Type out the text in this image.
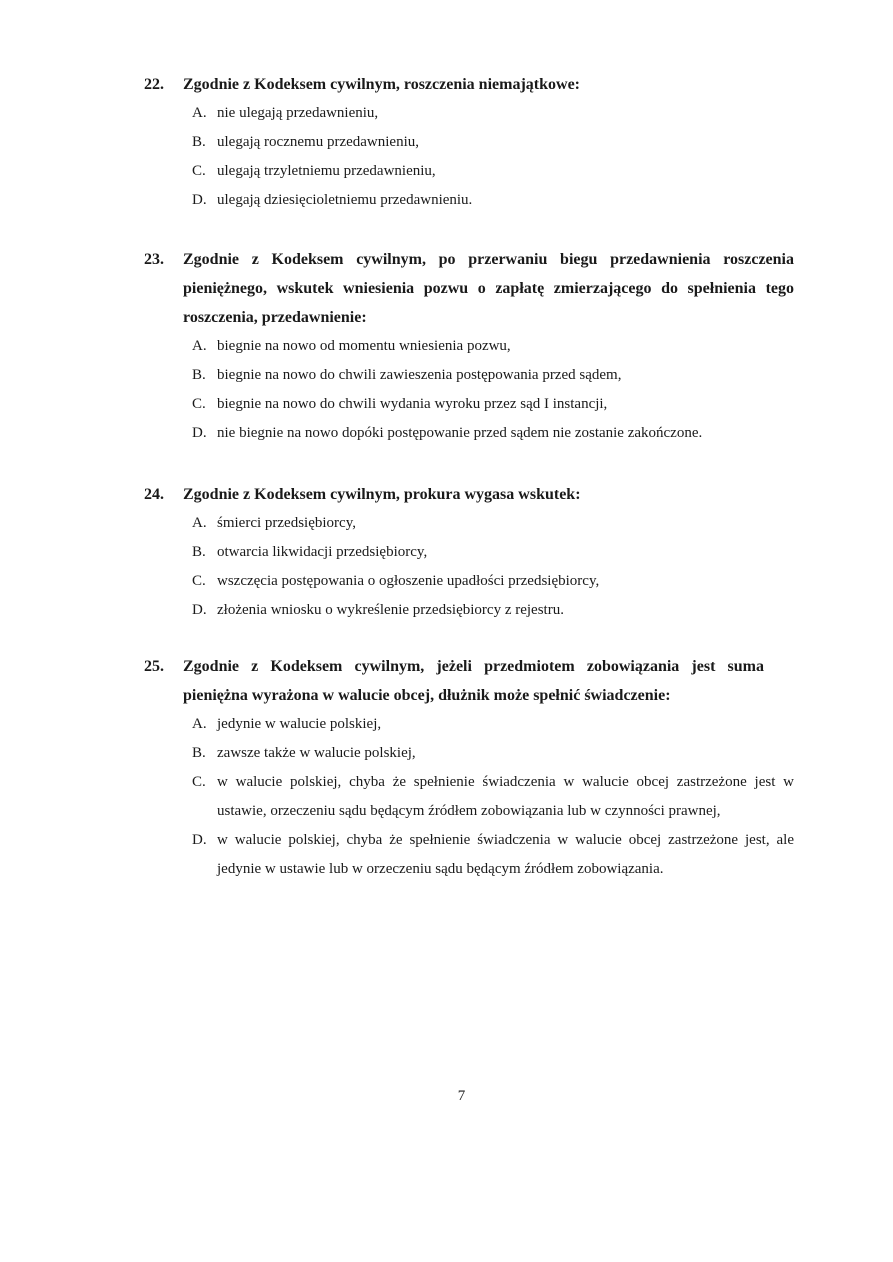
22. Zgodnie z Kodeksem cywilnym, roszczenia niemajątkowe:
A. nie ulegają przedawnieniu,
B. ulegają rocznemu przedawnieniu,
C. ulegają trzyletniemu przedawnieniu,
D. ulegają dziesięcioletniemu przedawnieniu.
23. Zgodnie z Kodeksem cywilnym, po przerwaniu biegu przedawnienia roszczenia pieniężnego, wskutek wniesienia pozwu o zapłatę zmierzającego do spełnienia tego roszczenia, przedawnienie:
A. biegnie na nowo od momentu wniesienia pozwu,
B. biegnie na nowo do chwili zawieszenia postępowania przed sądem,
C. biegnie na nowo do chwili wydania wyroku przez sąd I instancji,
D. nie biegnie na nowo dopóki postępowanie przed sądem nie zostanie zakończone.
24. Zgodnie z Kodeksem cywilnym, prokura wygasa wskutek:
A. śmierci przedsiębiorcy,
B. otwarcia likwidacji przedsiębiorcy,
C. wszczęcia postępowania o ogłoszenie upadłości przedsiębiorcy,
D. złożenia wniosku o wykreślenie przedsiębiorcy z rejestru.
25. Zgodnie z Kodeksem cywilnym, jeżeli przedmiotem zobowiązania jest suma pieniężna wyrażona w walucie obcej, dłużnik może spełnić świadczenie:
A. jedynie w walucie polskiej,
B. zawsze także w walucie polskiej,
C. w walucie polskiej, chyba że spełnienie świadczenia w walucie obcej zastrzeżone jest w ustawie, orzeczeniu sądu będącym źródłem zobowiązania lub w czynności prawnej,
D. w walucie polskiej, chyba że spełnienie świadczenia w walucie obcej zastrzeżone jest, ale jedynie w ustawie lub w orzeczeniu sądu będącym źródłem zobowiązania.
7
